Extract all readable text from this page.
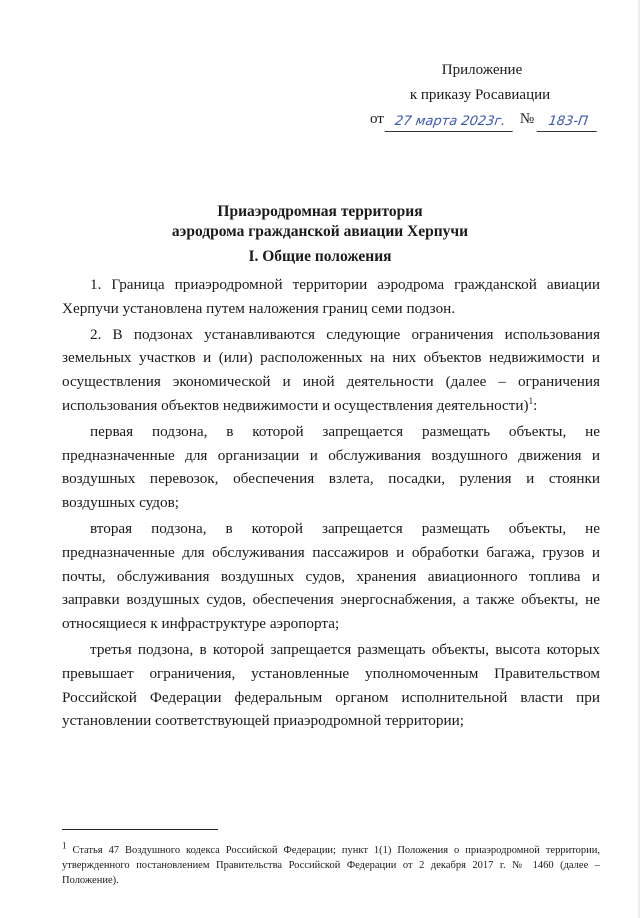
Приложение
к приказу Росавиации
от 27 марта 2023г. №	183-П
Приаэродромная территория
аэродрома гражданской авиации Херпучи
I. Общие положения

1. Граница приаэродромной территории аэродрома гражданской авиации Херпучи установлена путем наложения границ семи подзон.

2. В подзонах устанавливаются следующие ограничения использования земельных участков и (или) расположенных на них объектов недвижимости и осуществления экономической и иной деятельности (далее – ограничения использования объектов недвижимости и осуществления деятельности)$^1$:

первая подзона, в которой запрещается размещать объекты, не предназначенные для организации и обслуживания воздушного движения и воздушных перевозок, обеспечения взлета, посадки, руления и стоянки воздушных судов;

вторая подзона, в которой запрещается размещать объекты, не предназначенные для обслуживания пассажиров и обработки багажа, грузов и почты, обслуживания воздушных судов, хранения авиационного топлива и заправки воздушных судов, обеспечения энергоснабжения, а также объекты, не относящиеся к инфраструктуре аэропорта;

третья подзона, в которой запрещается размещать объекты, высота которых превышает ограничения, установленные уполномоченным Правительством Российской Федерации федеральным органом исполнительной власти при установлении соответствующей приаэродромной территории;

$^1$ Статья 47 Воздушного кодекса Российской Федерации; пункт 1(1) Положения о приаэродромной территории, утвержденного постановлением Правительства Российской Федерации от 2 декабря 2017 г. № 1460 (далее – Положение).
